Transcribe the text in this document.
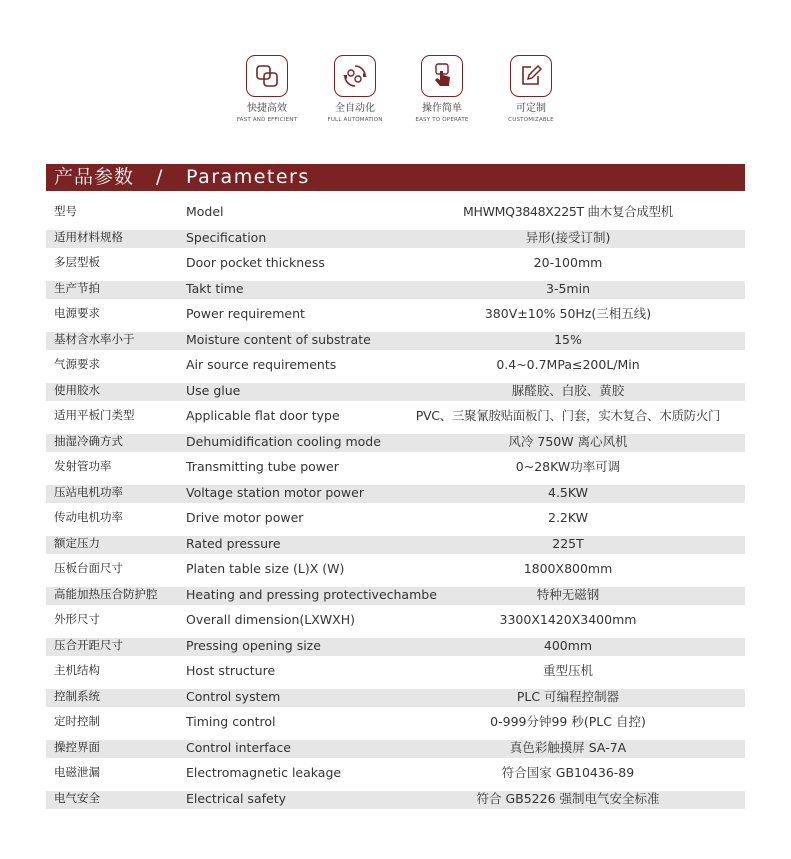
快捷高效
FAST AND EFFICIENT
全自动化
FULL AUTOMATION
操作简单
EASY TO OPERATE
可定制
CUSTOMIZABLE
产品参数 / Parameters
型号	Model	MHWMQ3848X225T 曲木复合成型机
适用材料规格	Specification	异形(接受订制)
多层型板	Door pocket thickness	20-100mm
生产节拍	Takt time	3-5min
电源要求	Power requirement	380V±10% 50Hz(三相五线)
基材含水率小于	Moisture content of substrate	15%
气源要求	Air source requirements	0.4~0.7MPa≤200L/Min
使用胶水	Use glue	脲醛胶、白胶、黄胶
适用平板门类型	Applicable flat door type	PVC、三聚氰胺贴面板门、门套，实木复合、木质防火门
抽湿冷确方式	Dehumidification cooling mode	风冷 750W 离心风机
发射管功率	Transmitting tube power	0~28KW功率可调
压站电机功率	Voltage station motor power	4.5KW
传动电机功率	Drive motor power	2.2KW
额定压力	Rated pressure	225T
压板台面尺寸	Platen table size (L)X (W)	1800X800mm
高能加热压合防护腔 Heating and pressing protectivechambe	特种无磁钢
外形尺寸	Overall dimension(LXWXH)	3300X1420X3400mm
压合开距尺寸	Pressing opening size	400mm
主机结构	Host structure	重型压机
控制系统	Control system	PLC 可编程控制器
定时控制	Timing control	0-999分钟99 秒(PLC 自控)
操控界面	Control interface	真色彩触摸屏 SA-7A
电磁泄漏	Electromagnetic leakage	符合国家 GB10436-89
电气安全	Electrical safety	符合 GB5226 强制电气安全标准
